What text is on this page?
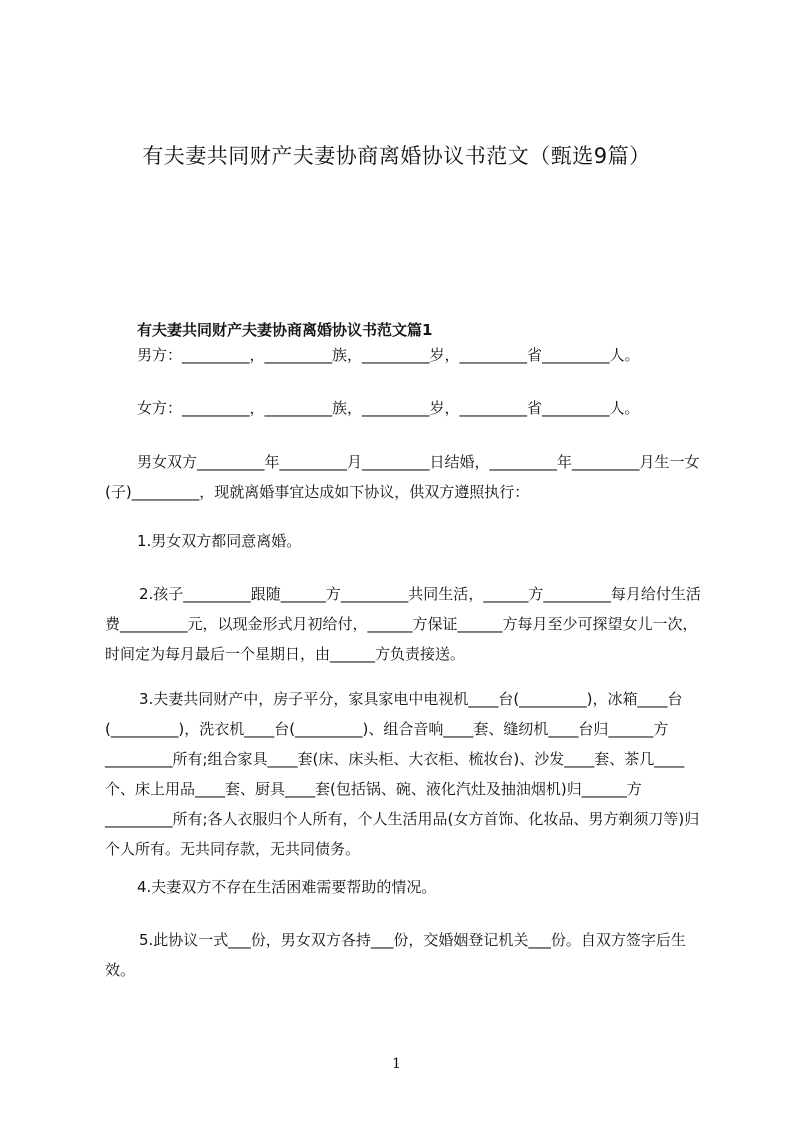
有夫妻共同财产夫妻协商离婚协议书范文（甄选9篇）
有夫妻共同财产夫妻协商离婚协议书范文篇1
男方：_________，_________族，_________岁，_________省_________人。
女方：_________，_________族，_________岁，_________省_________人。
男女双方_________年_________月_________日结婚，_________年_________月生一女(子)_________，现就离婚事宜达成如下协议，供双方遵照执行：
1.男女双方都同意离婚。
2.孩子_________跟随______方_________共同生活，______方_________每月给付生活费_________元，以现金形式月初给付，______方保证______方每月至少可探望女儿一次，时间定为每月最后一个星期日，由______方负责接送。
3.夫妻共同财产中，房子平分，家具家电中电视机____台(_________)，冰箱____台(_________)，洗衣机____台(_________)、组合音响____套、缝纫机____台归______方_________所有;组合家具____套(床、床头柜、大衣柜、梳妆台)、沙发____套、茶几____个、床上用品____套、厨具____套(包括锅、碗、液化汽灶及抽油烟机)归______方_________所有;各人衣服归个人所有，个人生活用品(女方首饰、化妆品、男方剃须刀等)归个人所有。无共同存款，无共同债务。
4.夫妻双方不存在生活困难需要帮助的情况。
5.此协议一式___份，男女双方各持___份，交婚姻登记机关___份。自双方签字后生效。
1
